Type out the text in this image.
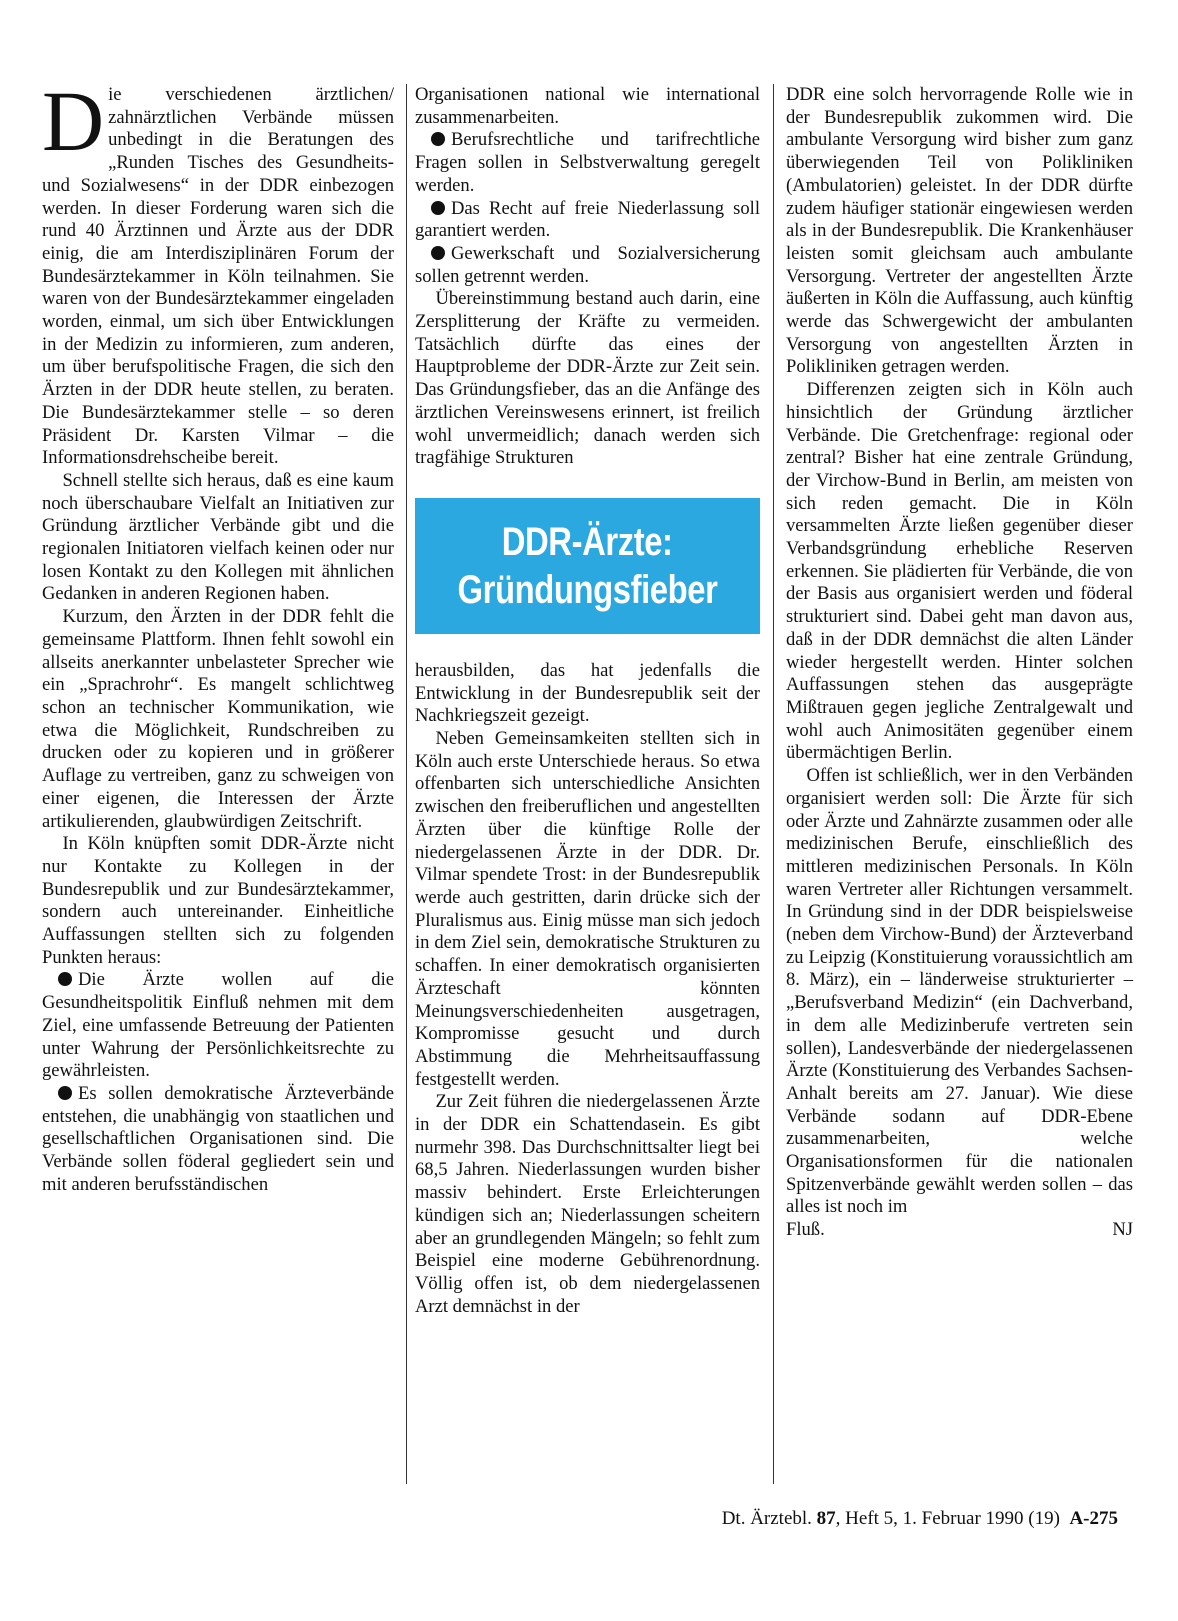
Die verschiedenen ärztlichen/ zahnärztlichen Verbände müssen unbedingt in die Beratungen des „Runden Tisches des Gesundheits- und Sozialwesens“ in der DDR einbezogen werden. In dieser Forderung waren sich die rund 40 Ärztinnen und Ärzte aus der DDR einig, die am Interdisziplinären Forum der Bundesärztekammer in Köln teilnahmen. Sie waren von der Bundesärztekammer eingeladen worden, einmal, um sich über Entwicklungen in der Medizin zu informieren, zum anderen, um über berufspolitische Fragen, die sich den Ärzten in der DDR heute stellen, zu beraten. Die Bundesärztekammer stelle – so deren Präsident Dr. Karsten Vilmar – die Informationsdrehscheibe bereit.

Schnell stellte sich heraus, daß es eine kaum noch überschaubare Vielfalt an Initiativen zur Gründung ärztlicher Verbände gibt und die regionalen Initiatoren vielfach keinen oder nur losen Kontakt zu den Kollegen mit ähnlichen Gedanken in anderen Regionen haben.

Kurzum, den Ärzten in der DDR fehlt die gemeinsame Plattform. Ihnen fehlt sowohl ein allseits anerkannter unbelasteter Sprecher wie ein „Sprachrohr“. Es mangelt schlichtweg schon an technischer Kommunikation, wie etwa die Möglichkeit, Rundschreiben zu drucken oder zu kopieren und in größerer Auflage zu vertreiben, ganz zu schweigen von einer eigenen, die Interessen der Ärzte artikulierenden, glaubwürdigen Zeitschrift.

In Köln knüpften somit DDR-Ärzte nicht nur Kontakte zu Kollegen in der Bundesrepublik und zur Bundesärztekammer, sondern auch untereinander. Einheitliche Auffassungen stellten sich zu folgenden Punkten heraus:

Die Ärzte wollen auf die Gesundheitspolitik Einfluß nehmen mit dem Ziel, eine umfassende Betreuung der Patienten unter Wahrung der Persönlichkeitsrechte zu gewährleisten.

Es sollen demokratische Ärzteverbände entstehen, die unabhängig von staatlichen und gesellschaftlichen Organisationen sind. Die Verbände sollen föderal gegliedert sein und mit anderen berufsständischen

Organisationen national wie international zusammenarbeiten.

Berufsrechtliche und tarifrechtliche Fragen sollen in Selbstverwaltung geregelt werden.

Das Recht auf freie Niederlassung soll garantiert werden.

Gewerkschaft und Sozialversicherung sollen getrennt werden.

Übereinstimmung bestand auch darin, eine Zersplitterung der Kräfte zu vermeiden. Tatsächlich dürfte das eines der Hauptprobleme der DDR-Ärzte zur Zeit sein. Das Gründungsfieber, das an die Anfänge des ärztlichen Vereinswesens erinnert, ist freilich wohl unvermeidlich; danach werden sich tragfähige Strukturen

DDR-Ärzte:
Gründungsfieber

herausbilden, das hat jedenfalls die Entwicklung in der Bundesrepublik seit der Nachkriegszeit gezeigt.

Neben Gemeinsamkeiten stellten sich in Köln auch erste Unterschiede heraus. So etwa offenbarten sich unterschiedliche Ansichten zwischen den freiberuflichen und angestellten Ärzten über die künftige Rolle der niedergelassenen Ärzte in der DDR. Dr. Vilmar spendete Trost: in der Bundesrepublik werde auch gestritten, darin drücke sich der Pluralismus aus. Einig müsse man sich jedoch in dem Ziel sein, demokratische Strukturen zu schaffen. In einer demokratisch organisierten Ärzteschaft könnten Meinungsverschiedenheiten ausgetragen, Kompromisse gesucht und durch Abstimmung die Mehrheitsauffassung festgestellt werden.

Zur Zeit führen die niedergelassenen Ärzte in der DDR ein Schattendasein. Es gibt nurmehr 398. Das Durchschnittsalter liegt bei 68,5 Jahren. Niederlassungen wurden bisher massiv behindert. Erste Erleichterungen kündigen sich an; Niederlassungen scheitern aber an grundlegenden Mängeln; so fehlt zum Beispiel eine moderne Gebührenordnung. Völlig offen ist, ob dem niedergelassenen Arzt demnächst in der

DDR eine solch hervorragende Rolle wie in der Bundesrepublik zukommen wird. Die ambulante Versorgung wird bisher zum ganz überwiegenden Teil von Polikliniken (Ambulatorien) geleistet. In der DDR dürfte zudem häufiger stationär eingewiesen werden als in der Bundesrepublik. Die Krankenhäuser leisten somit gleichsam auch ambulante Versorgung. Vertreter der angestellten Ärzte äußerten in Köln die Auffassung, auch künftig werde das Schwergewicht der ambulanten Versorgung von angestellten Ärzten in Polikliniken getragen werden.

Differenzen zeigten sich in Köln auch hinsichtlich der Gründung ärztlicher Verbände. Die Gretchenfrage: regional oder zentral? Bisher hat eine zentrale Gründung, der Virchow-Bund in Berlin, am meisten von sich reden gemacht. Die in Köln versammelten Ärzte ließen gegenüber dieser Verbandsgründung erhebliche Reserven erkennen. Sie plädierten für Verbände, die von der Basis aus organisiert werden und föderal strukturiert sind. Dabei geht man davon aus, daß in der DDR demnächst die alten Länder wieder hergestellt werden. Hinter solchen Auffassungen stehen das ausgeprägte Mißtrauen gegen jegliche Zentralgewalt und wohl auch Animositäten gegenüber einem übermächtigen Berlin.

Offen ist schließlich, wer in den Verbänden organisiert werden soll: Die Ärzte für sich oder Ärzte und Zahnärzte zusammen oder alle medizinischen Berufe, einschließlich des mittleren medizinischen Personals. In Köln waren Vertreter aller Richtungen versammelt. In Gründung sind in der DDR beispielsweise (neben dem Virchow-Bund) der Ärzteverband zu Leipzig (Konstituierung voraussichtlich am 8. März), ein – länderweise strukturierter – „Berufsverband Medizin“ (ein Dachverband, in dem alle Medizinberufe vertreten sein sollen), Landesverbände der niedergelassenen Ärzte (Konstituierung des Verbandes Sachsen-Anhalt bereits am 27. Januar). Wie diese Verbände sodann auf DDR-Ebene zusammenarbeiten, welche Organisationsformen für die nationalen Spitzenverbände gewählt werden sollen – das alles ist noch im

Fluß.	NJ

Dt. Ärztebl. 87, Heft 5, 1. Februar 1990 (19) A-275
